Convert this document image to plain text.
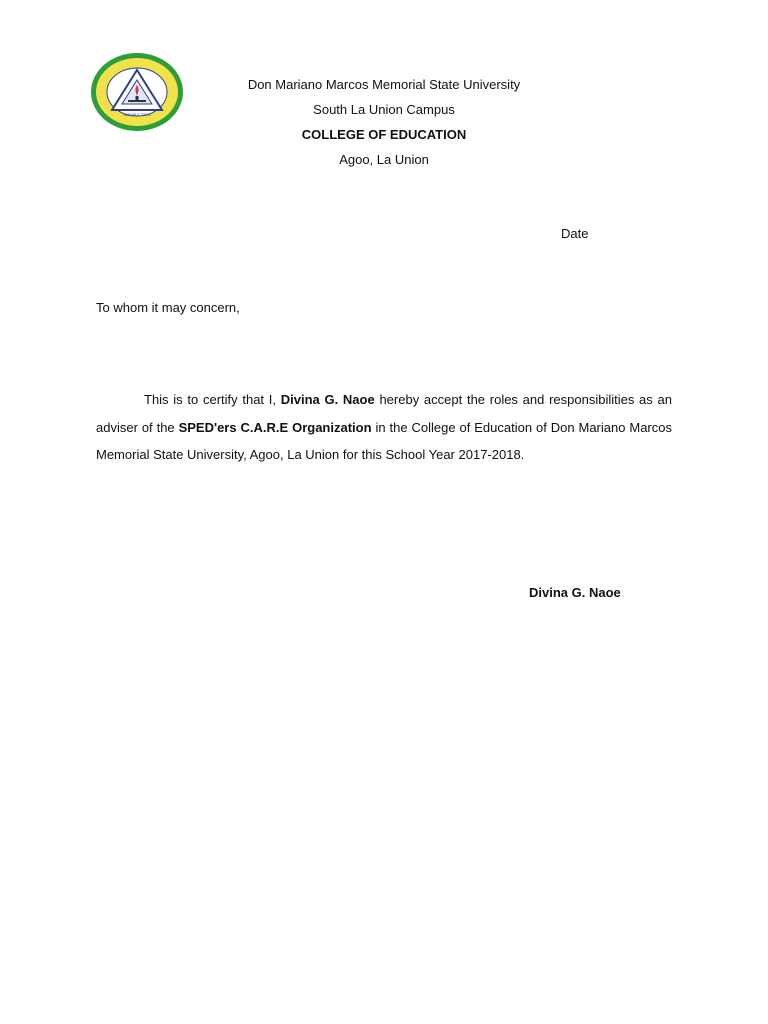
INSTRUCTION
Don Mariano Marcos Memorial State University
South La Union Campus
COLLEGE OF EDUCATION
Agoo, La Union
Date
To whom it may concern,
This is to certify that I, Divina G. Naoe hereby accept the roles and responsibilities as an adviser of the SPED'ers C.A.R.E Organization in the College of Education of Don Mariano Marcos Memorial State University, Agoo, La Union for this School Year 2017-2018.
Divina G. Naoe
